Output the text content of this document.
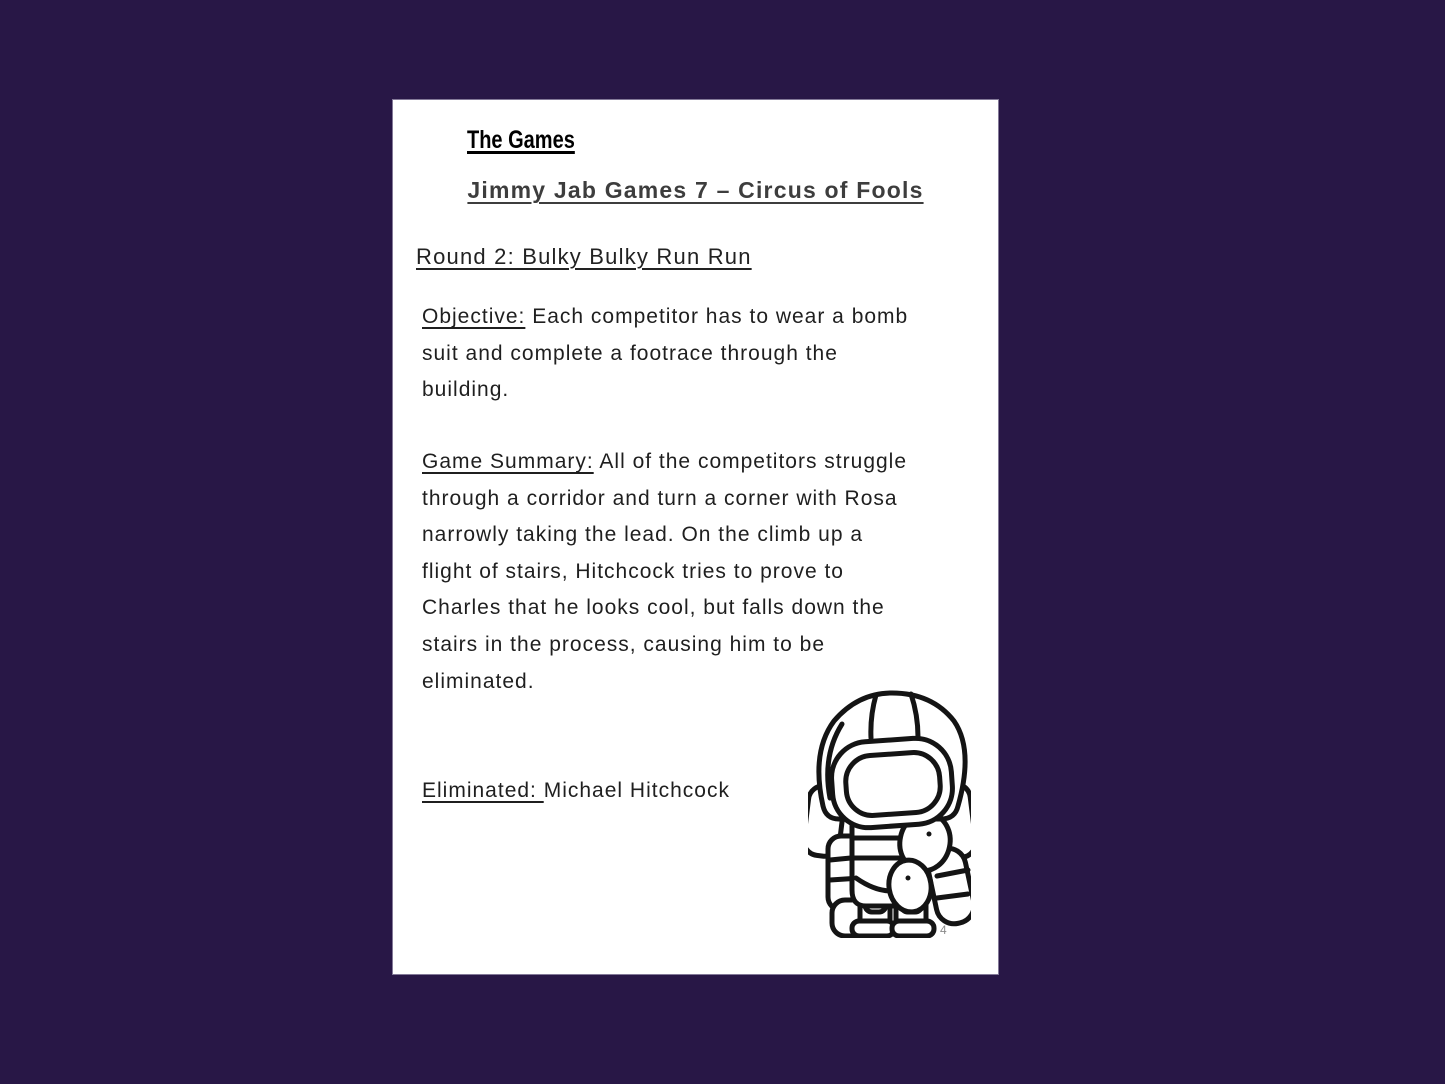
The Games
Jimmy Jab Games 7 – Circus of Fools
Round 2: Bulky Bulky Run Run
Objective: Each competitor has to wear a bomb
suit and complete a footrace through the
building.
Game Summary: All of the competitors struggle
through a corridor and turn a corner with Rosa
narrowly taking the lead. On the climb up a
flight of stairs, Hitchcock tries to prove to
Charles that he looks cool, but falls down the
stairs in the process, causing him to be
eliminated.
Eliminated: Michael Hitchcock
4
